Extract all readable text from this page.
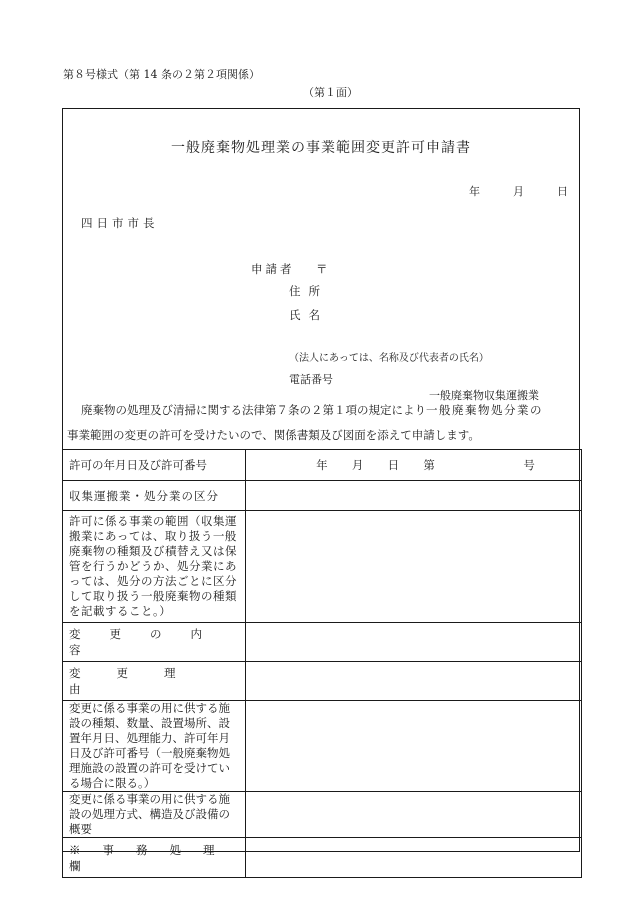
第８号様式（第 14 条の２第２項関係）
（第１面）
一般廃棄物処理業の事業範囲変更許可申請書
年	月	日
四日市市長
申請者 〒
住所
氏名
（法人にあっては、名称及び代表者の氏名）
電話番号
一般廃棄物収集運搬業
廃棄物の処理及び清掃に関する法律第７条の２第１項の規定により一般廃棄物処分業の
事業範囲の変更の許可を受けたいので、関係書類及び図面を添えて申請します。
許可の年月日及び許可番号	年 月 日 第 号

収集運搬業・処分業の区分	
許可に係る事業の範囲（収集運搬業にあっては、取り扱う一般廃棄物の種類及び積替え又は保管を行うかどうか、処分業にあっては、処分の方法ごとに区分して取り扱う一般廃棄物の種類を記載すること。）	
変更の内容	
変更理由	
変更に係る事業の用に供する施設の種類、数量、設置場所、設置年月日、処理能力、許可年月日及び許可番号（一般廃棄物処理施設の設置の許可を受けている場合に限る。）	
変更に係る事業の用に供する施設の処理方式、構造及び設備の概要	
※事務処理欄	
